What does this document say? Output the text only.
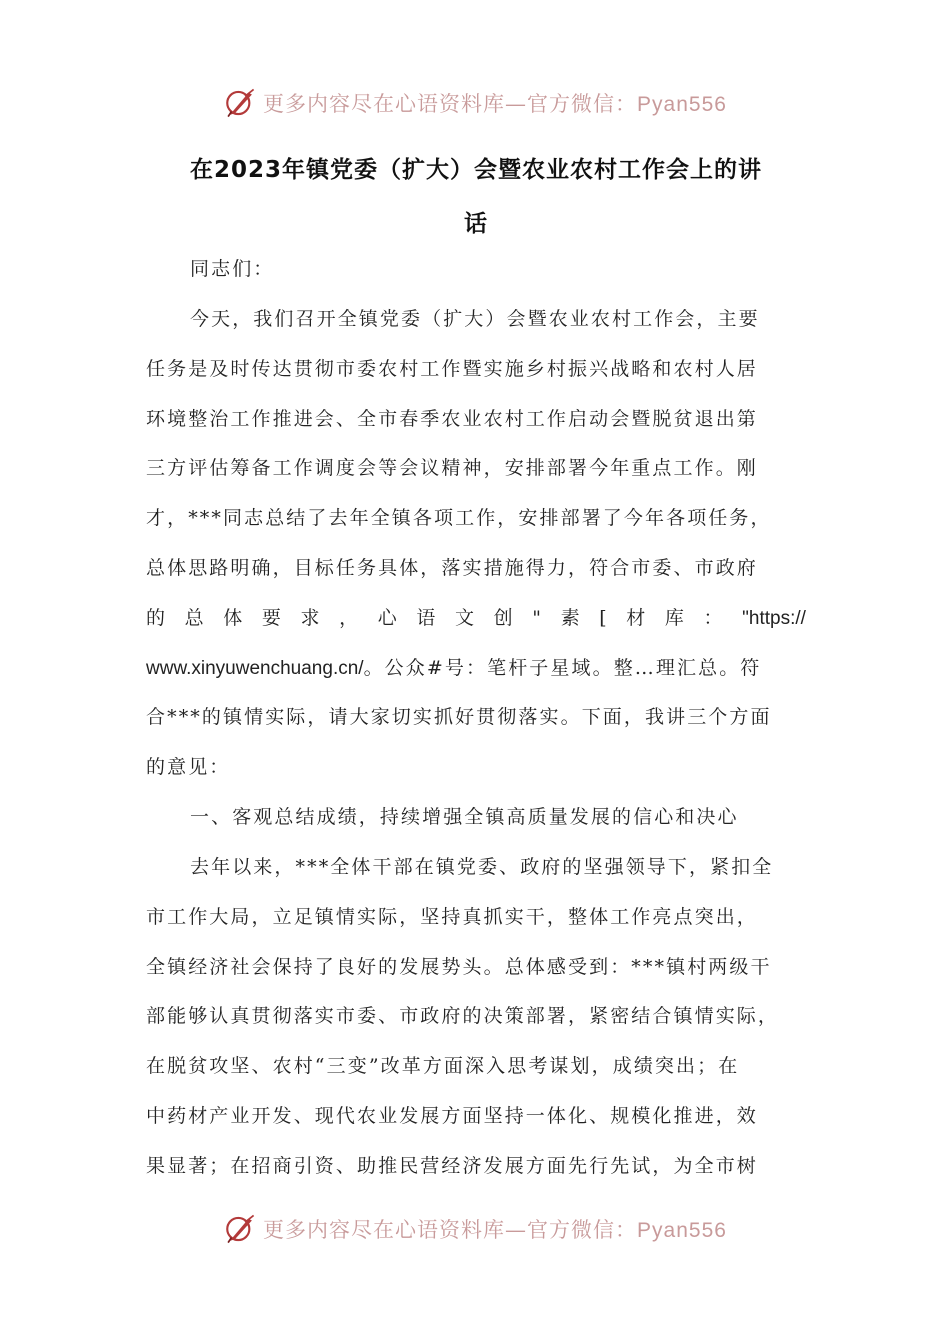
更多内容尽在心语资料库—官方微信：Pyan556
在2023年镇党委（扩大）会暨农业农村工作会上的讲
话
同志们：
今天，我们召开全镇党委（扩大）会暨农业农村工作会，主要
任务是及时传达贯彻市委农村工作暨实施乡村振兴战略和农村人居
环境整治工作推进会、全市春季农业农村工作启动会暨脱贫退出第
三方评估筹备工作调度会等会议精神，安排部署今年重点工作。刚
才，***同志总结了去年全镇各项工作，安排部署了今年各项任务，
总体思路明确，目标任务具体，落实措施得力，符合市委、市政府
的 总 体 要 求 ， 心 语 文 创 " 素 [ 材 库 ： "https://
www.xinyuwenchuang.cn/。公众#号：笔杆子星域。整…理汇总。符
合***的镇情实际，请大家切实抓好贯彻落实。下面，我讲三个方面
的意见：
一、客观总结成绩，持续增强全镇高质量发展的信心和决心
去年以来，***全体干部在镇党委、政府的坚强领导下，紧扣全
市工作大局，立足镇情实际，坚持真抓实干，整体工作亮点突出，
全镇经济社会保持了良好的发展势头。总体感受到：***镇村两级干
部能够认真贯彻落实市委、市政府的决策部署，紧密结合镇情实际，
在脱贫攻坚、农村“三变”改革方面深入思考谋划，成绩突出；在
中药材产业开发、现代农业发展方面坚持一体化、规模化推进，效
果显著；在招商引资、助推民营经济发展方面先行先试，为全市树
更多内容尽在心语资料库—官方微信：Pyan556
